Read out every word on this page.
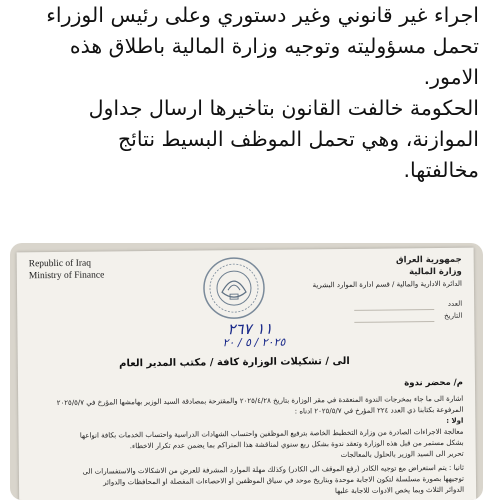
اجراء غير قانوني وغير دستوري وعلى رئيس الوزراء

تحمل مسؤوليته وتوجيه وزارة المالية باطلاق هذه

الامور.

الحكومة خالفت القانون بتاخيرها ارسال جداول

الموازنة، وهي تحمل الموظف البسيط نتائج

مخالفتها.

Republic of Iraq
Ministry of Finance
جمهورية العراق
وزارة المالية
الدائرة الادارية والمالية / قسم ادارة الموارد البشرية
العدد
التاريخ
١١ ٢٦٧
٢٠٢٥ / ٥ / ٢٠
الى / تشكيلات الوزارة كافة / مكتب المدير العام
م/ محضر ندوة
اشارة الى ما جاء بمخرجات الندوة المنعقدة في مقر الوزارة بتاريخ ٢٠٢٥/٤/٢٨ والمقترحة بمصادقة السيد الوزير بهامشها المؤرخ في ٢٠٢٥/٥/٧
المرفوعة بكتابنا ذي العدد ٢٢٤ المؤرخ في ٢٠٢٥/٥/٧ ادناه :
اولا :
معالجة الاجراءات الصادرة من وزارة التخطيط الخاصة بترفيع الموظفين واحتساب الشهادات الدراسية واحتساب الخدمات بكافة انواعها
بشكل مستمر من قبل هذه الوزارة وتعقد ندوة بشكل ربع سنوي لمناقشة هذا المتراكم بما يضمن عدم تكرار الاخطاء.
تحرير الى السيد الوزير بالحلول بالمعالجات
ثانيا : يتم استعراض مع توجيه الكادر (رفع الموقف الى الكادر) وكذلك مهلة الموارد المشرفة للعرض من الاشكالات والاستفسارات الى
توجيهها بصورة مسلسلة لتكون الاجابة موحدة وبتاريخ موحد في سياق الموظفين او الاحصاءات المفصلة او المحافظات والدوائر
الدوائر الثلاث وبما يخص الادوات للاجابة عليها
